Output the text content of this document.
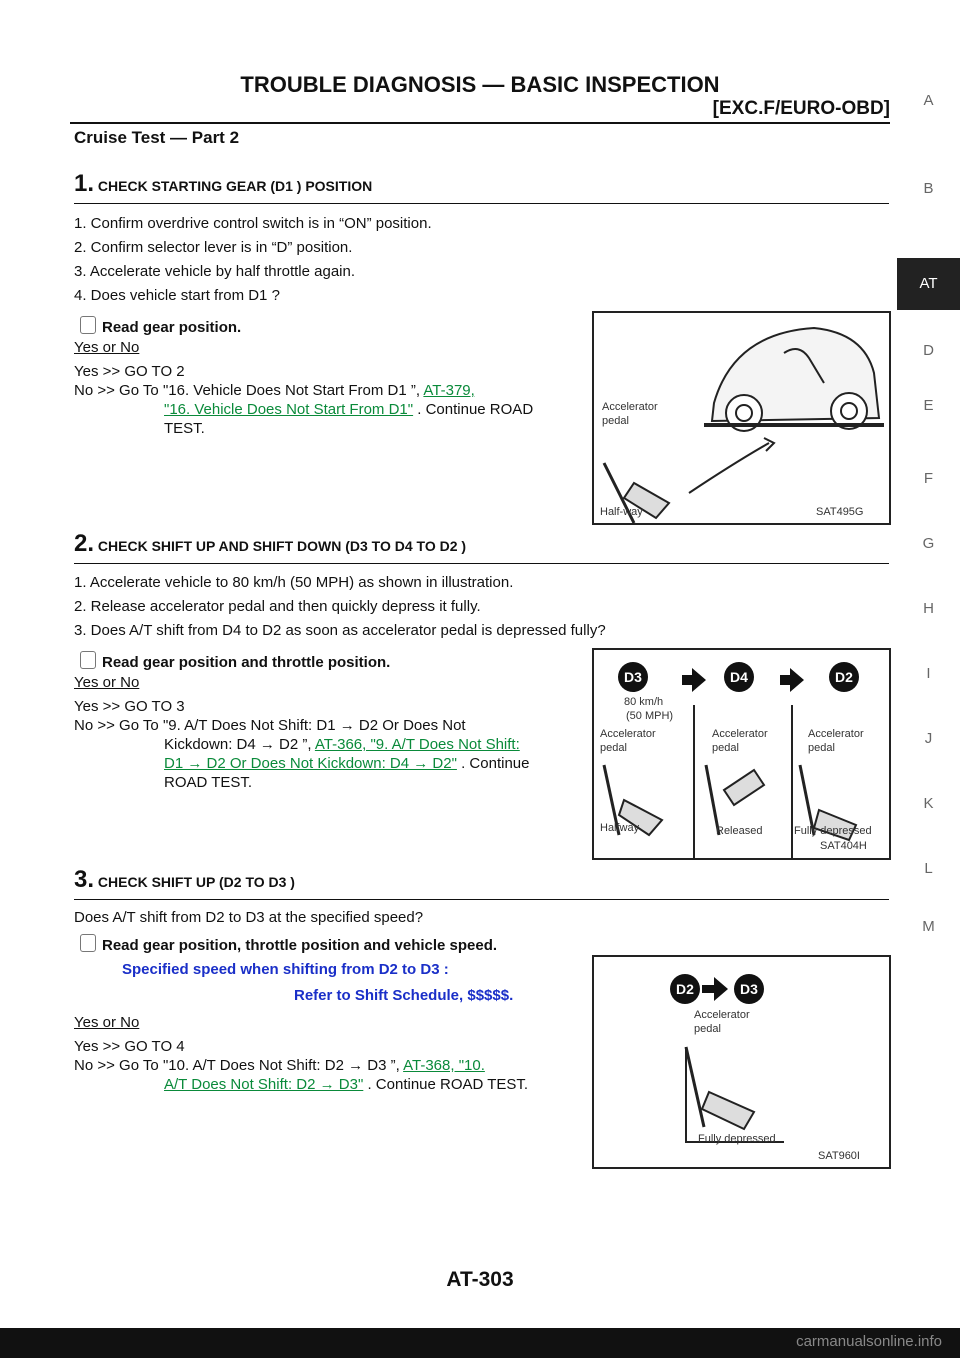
TROUBLE DIAGNOSIS — BASIC INSPECTION
[EXC.F/EURO-OBD]
Cruise Test — Part 2
A
B
AT
D
E
F
G
H
I
J
K
L
M
1. CHECK STARTING GEAR (D1 ) POSITION
1. Confirm overdrive control switch is in “ON” position.
2. Confirm selector lever is in “D” position.
3. Accelerate vehicle by half throttle again.
4. Does vehicle start from D1 ?
Read gear position.
Yes or No
Yes >> GO TO 2
No >> Go To "16. Vehicle Does Not Start From D1 ”, AT-379,
"16. Vehicle Does Not Start From D1" . Continue ROAD
TEST.
Accelerator
pedal
Half-way	SAT495G
2. CHECK SHIFT UP AND SHIFT DOWN (D3 TO D4 TO D2 )
1. Accelerate vehicle to 80 km/h (50 MPH) as shown in illustration.
2. Release accelerator pedal and then quickly depress it fully.
3. Does A/T shift from D4 to D2 as soon as accelerator pedal is depressed fully?
Read gear position and throttle position.
Yes or No
Yes >> GO TO 3
No >> Go To "9. A/T Does Not Shift: D1 → D2 Or Does Not
Kickdown: D4 → D2 ”, AT-366, "9. A/T Does Not Shift:
D1 → D2 Or Does Not Kickdown: D4 → D2" . Continue
ROAD TEST.
D3	D4	D2
80 km/h
(50 MPH)
Accelerator
pedal
Accelerator
pedal
Accelerator
pedal
Halfway	Released	Fully depressed
SAT404H
3. CHECK SHIFT UP (D2 TO D3 )
Does A/T shift from D2 to D3 at the specified speed?
Read gear position, throttle position and vehicle speed.
Specified speed when shifting from D2 to D3 :
Refer to Shift Schedule, $$$$$.
Yes or No
Yes >> GO TO 4
No >> Go To "10. A/T Does Not Shift: D2 → D3 ”, AT-368, "10.
A/T Does Not Shift: D2 → D3" . Continue ROAD TEST.
D2	D3
Accelerator
pedal
Fully depressed
SAT960I
AT-303
carmanualsonline.info
